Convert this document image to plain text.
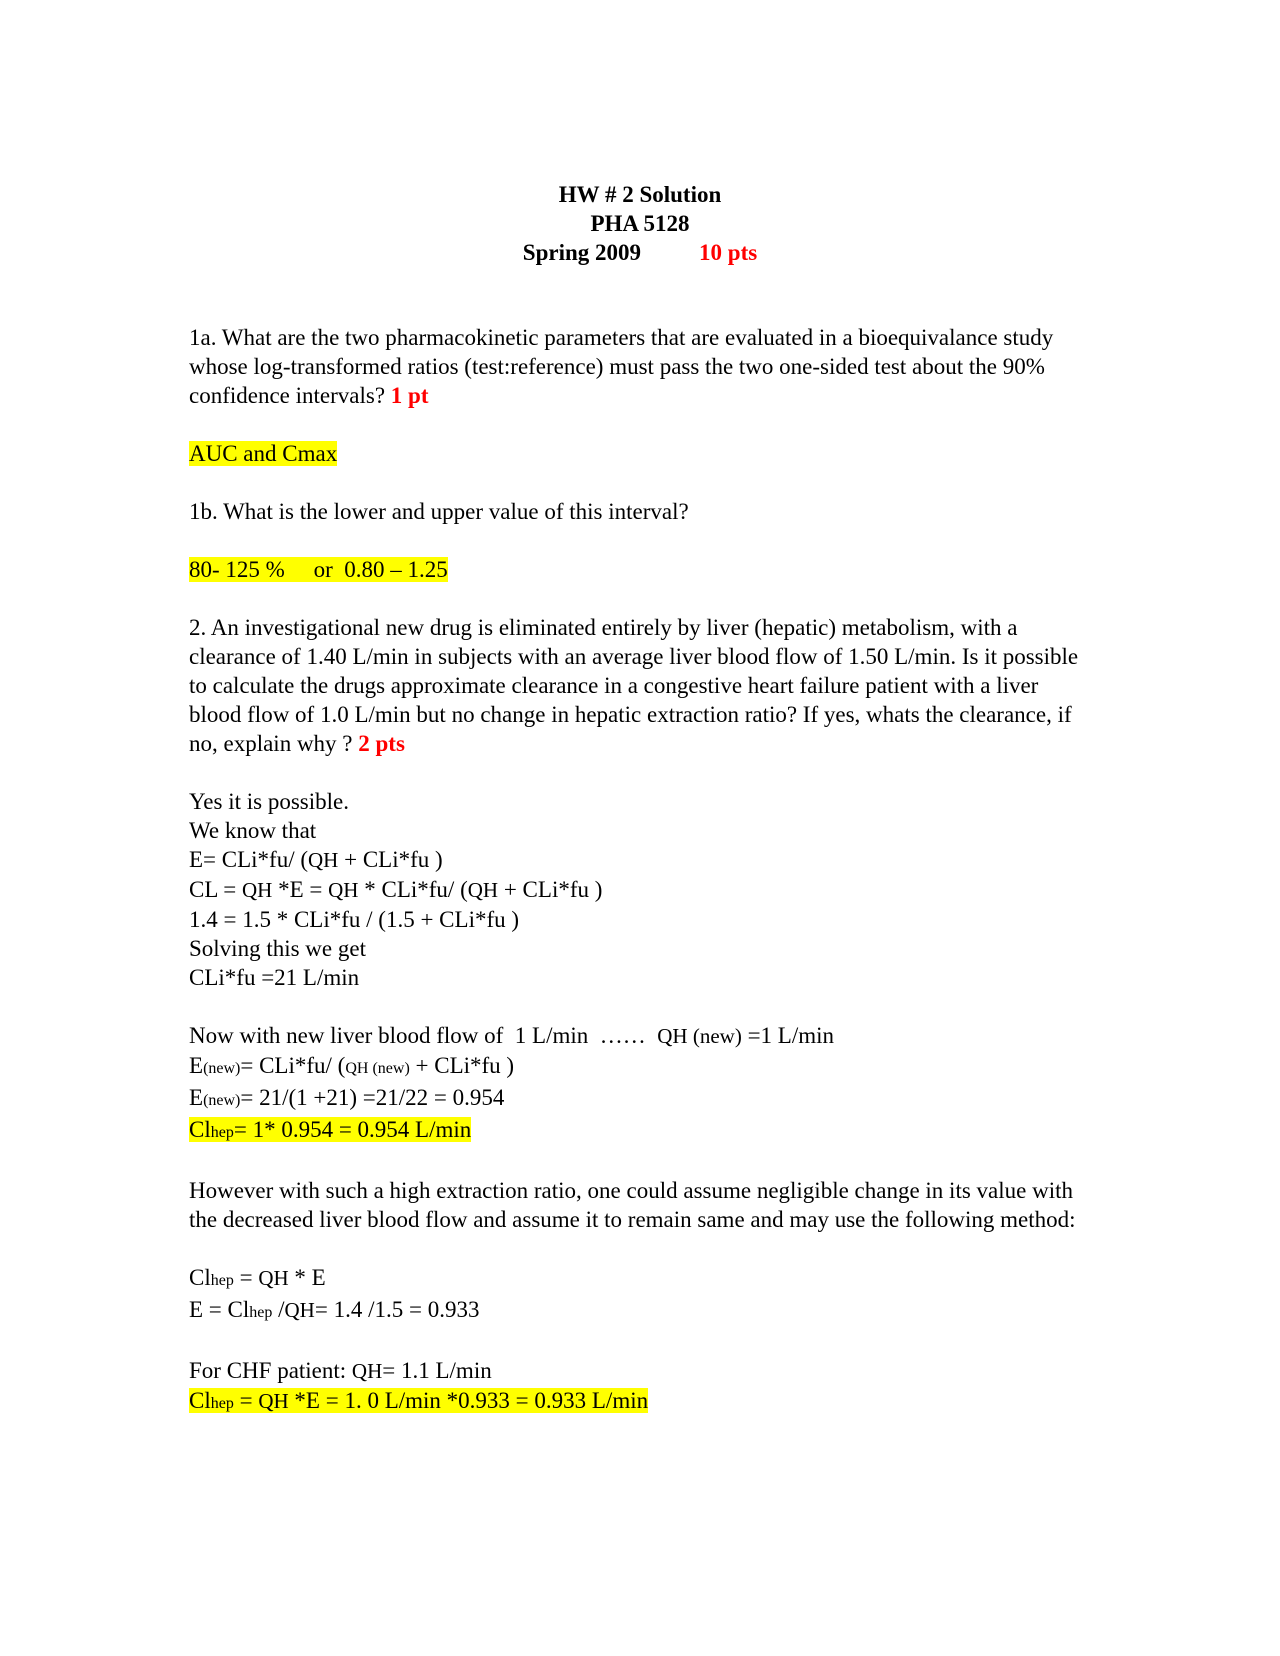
HW # 2 Solution
PHA 5128
Spring 2009	10 pts

1a. What are the two pharmacokinetic parameters that are evaluated in a bioequivalance study whose log-transformed ratios (test:reference) must pass the two one-sided test about the 90% confidence intervals? 1 pt

AUC and Cmax

1b. What is the lower and upper value of this interval?

80- 125 %     or  0.80 – 1.25

2. An investigational new drug is eliminated entirely by liver (hepatic) metabolism, with a clearance of 1.40 L/min in subjects with an average liver blood flow of 1.50 L/min. Is it possible to calculate the drugs approximate clearance in a congestive heart failure patient with a liver blood flow of 1.0 L/min but no change in hepatic extraction ratio? If yes, whats the clearance, if no, explain why ? 2 pts

Yes it is possible.

We know that

E= CLi*fu/ (QH + CLi*fu )

CL = QH *E = QH * CLi*fu/ (QH + CLi*fu )

1.4 = 1.5 * CLi*fu / (1.5 + CLi*fu )

Solving this we get

CLi*fu =21 L/min

Now with new liver blood flow of  1 L/min  ……  QH (new) =1 L/min

E(new)= CLi*fu/ (QH (new) + CLi*fu )

E(new)= 21/(1 +21) =21/22 = 0.954

Clhep= 1* 0.954 = 0.954 L/min

However with such a high extraction ratio, one could assume negligible change in its value with the decreased liver blood flow and assume it to remain same and may use the following method:

Clhep = QH * E

E = Clhep /QH= 1.4 /1.5 = 0.933

For CHF patient: QH= 1.1 L/min

Clhep = QH *E = 1. 0 L/min *0.933 = 0.933 L/min
